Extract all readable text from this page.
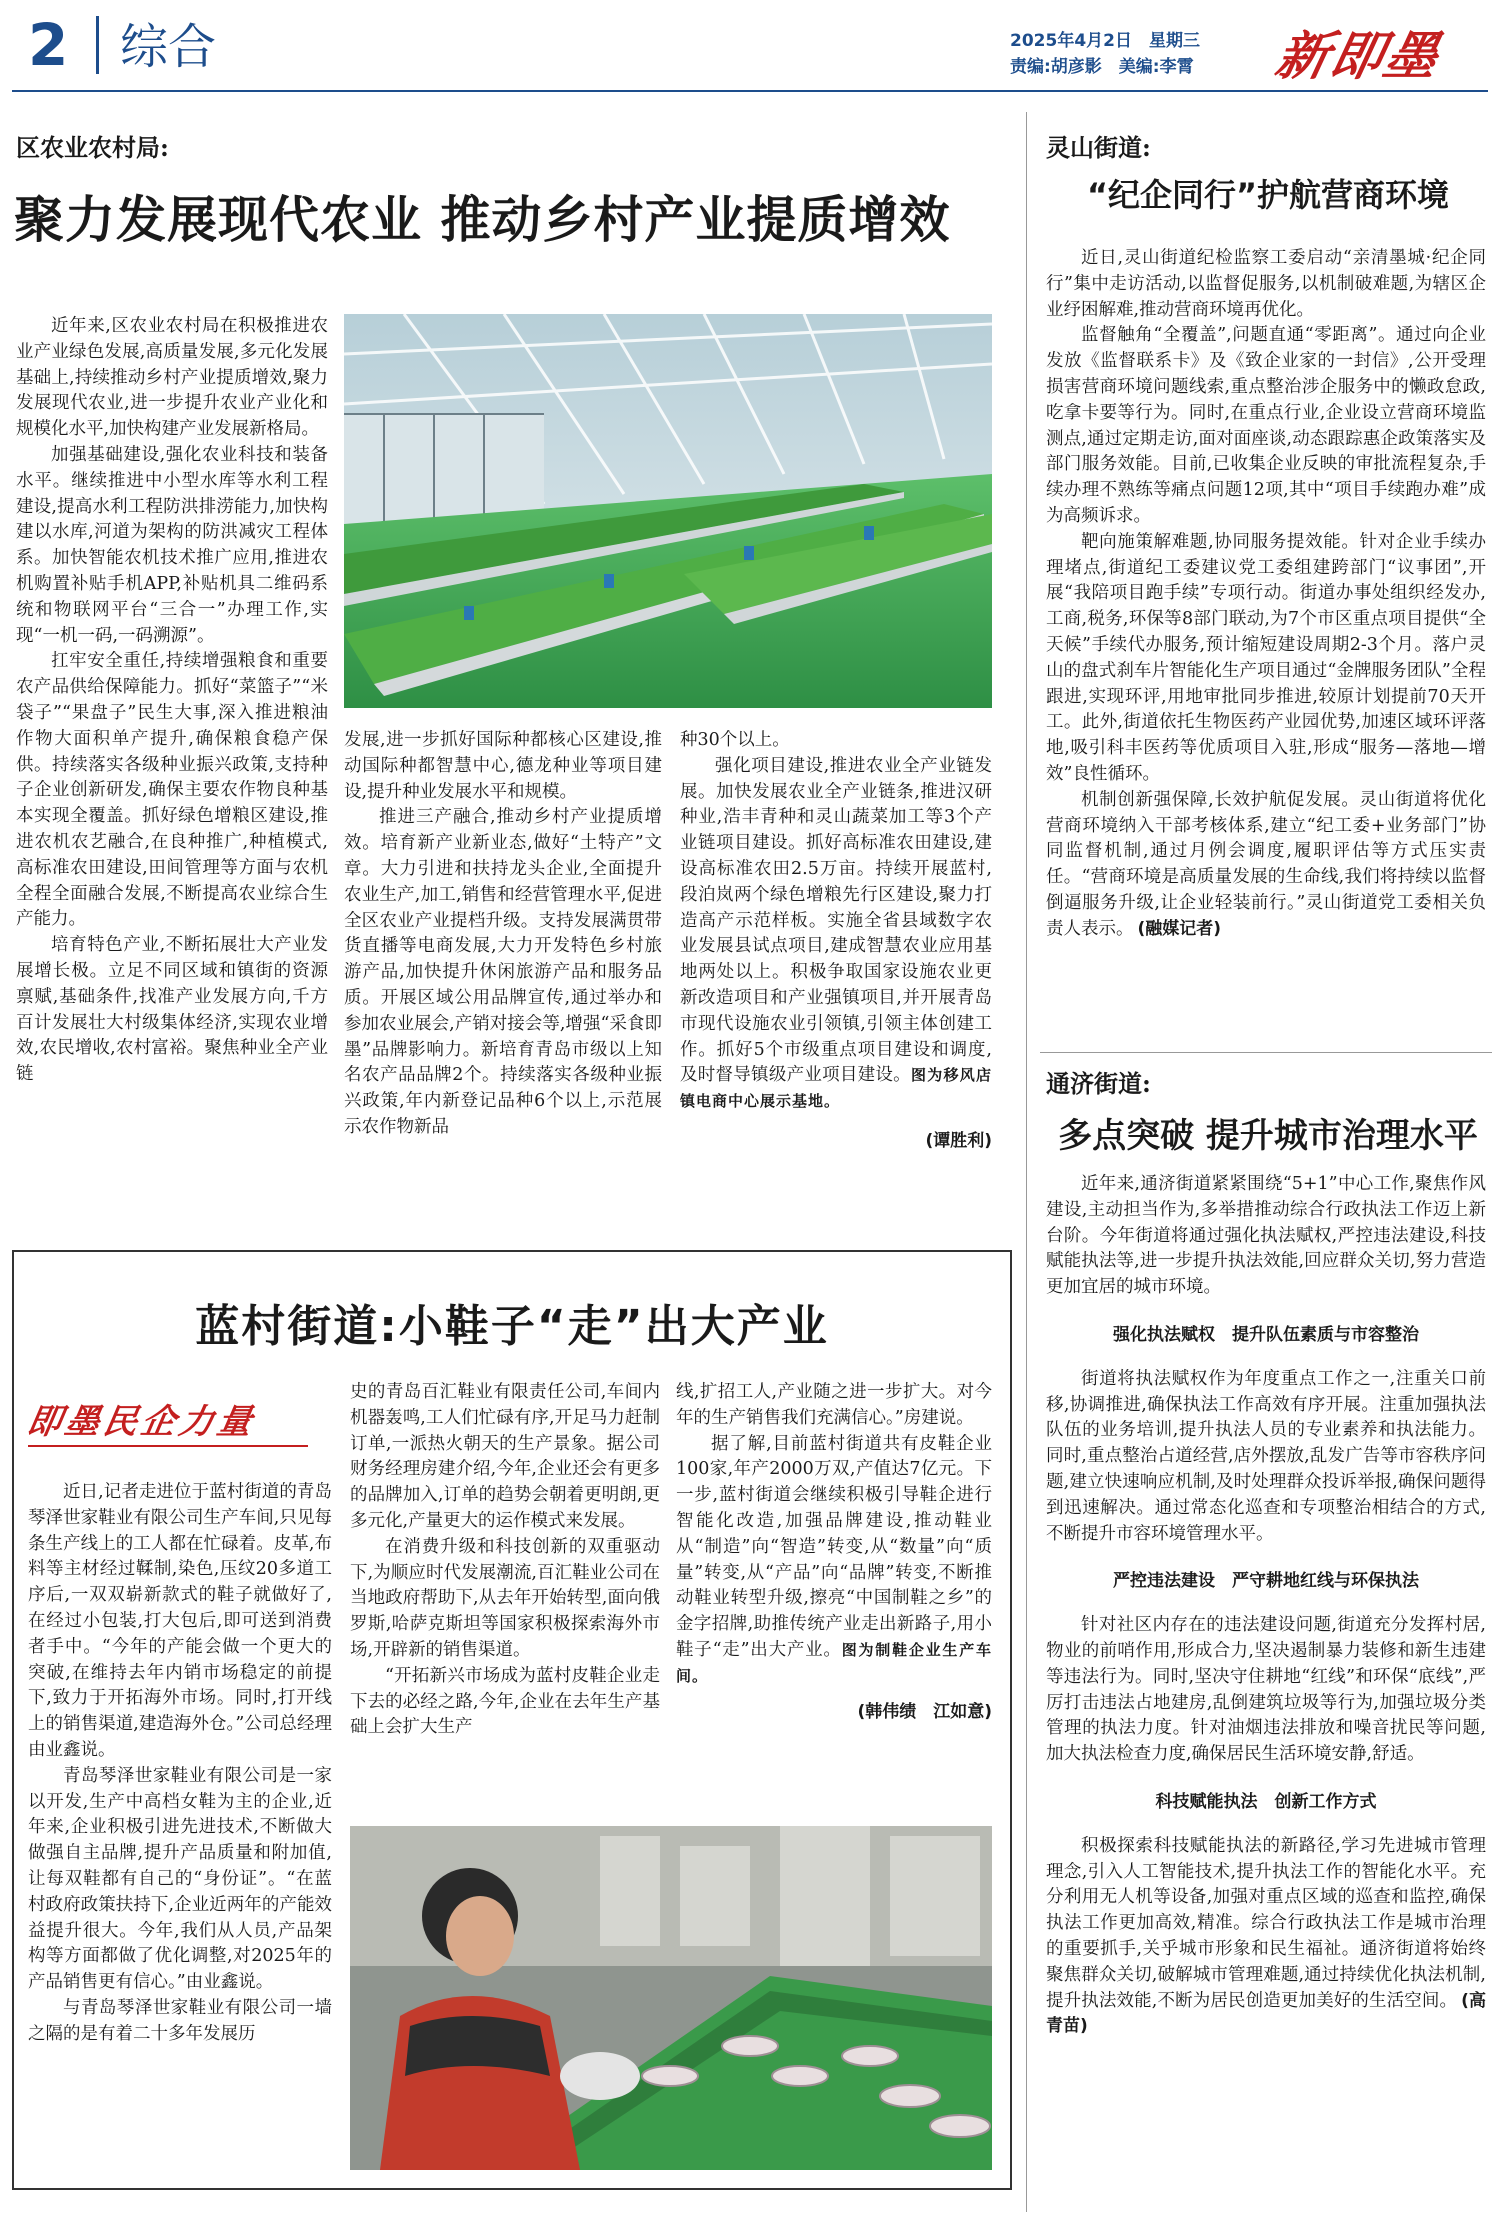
2 综合	2025年4月2日　星期三
责编:胡彦影　美编:李霄 新即墨
区农业农村局:
聚力发展现代农业 推动乡村产业提质增效

近年来,区农业农村局在积极推进农业产业绿色发展,高质量发展,多元化发展基础上,持续推动乡村产业提质增效,聚力发展现代农业,进一步提升农业产业化和规模化水平,加快构建产业发展新格局。

加强基础建设,强化农业科技和装备水平。继续推进中小型水库等水利工程建设,提高水利工程防洪排涝能力,加快构建以水库,河道为架构的防洪减灾工程体系。加快智能农机技术推广应用,推进农机购置补贴手机APP,补贴机具二维码系统和物联网平台“三合一”办理工作,实现“一机一码,一码溯源”。

扛牢安全重任,持续增强粮食和重要农产品供给保障能力。抓好“菜篮子”“米袋子”“果盘子”民生大事,深入推进粮油作物大面积单产提升,确保粮食稳产保供。持续落实各级种业振兴政策,支持种子企业创新研发,确保主要农作物良种基本实现全覆盖。抓好绿色增粮区建设,推进农机农艺融合,在良种推广,种植模式,高标准农田建设,田间管理等方面与农机全程全面融合发展,不断提高农业综合生产能力。

培育特色产业,不断拓展壮大产业发展增长极。立足不同区域和镇街的资源禀赋,基础条件,找准产业发展方向,千方百计发展壮大村级集体经济,实现农业增效,农民增收,农村富裕。聚焦种业全产业链

发展,进一步抓好国际种都核心区建设,推动国际种都智慧中心,德龙种业等项目建设,提升种业发展水平和规模。

推进三产融合,推动乡村产业提质增效。培育新产业新业态,做好“土特产”文章。大力引进和扶持龙头企业,全面提升农业生产,加工,销售和经营管理水平,促进全区农业产业提档升级。支持发展满贯带货直播等电商发展,大力开发特色乡村旅游产品,加快提升休闲旅游产品和服务品质。开展区域公用品牌宣传,通过举办和参加农业展会,产销对接会等,增强“采食即墨”品牌影响力。新培育青岛市级以上知名农产品品牌2个。持续落实各级种业振兴政策,年内新登记品种6个以上,示范展示农作物新品

种30个以上。

强化项目建设,推进农业全产业链发展。加快发展农业全产业链条,推进汉研种业,浩丰青种和灵山蔬菜加工等3个产业链项目建设。抓好高标准农田建设,建设高标准农田2.5万亩。持续开展蓝村,段泊岚两个绿色增粮先行区建设,聚力打造高产示范样板。实施全省县域数字农业发展县试点项目,建成智慧农业应用基地两处以上。积极争取国家设施农业更新改造项目和产业强镇项目,并开展青岛市现代设施农业引领镇,引领主体创建工作。抓好5个市级重点项目建设和调度,及时督导镇级产业项目建设。图为移风店镇电商中心展示基地。

(谭胜利)
蓝村街道:小鞋子“走”出大产业
即墨民企力量

近日,记者走进位于蓝村街道的青岛琴泽世家鞋业有限公司生产车间,只见每条生产线上的工人都在忙碌着。皮革,布料等主材经过鞣制,染色,压纹20多道工序后,一双双崭新款式的鞋子就做好了,在经过小包装,打大包后,即可送到消费者手中。“今年的产能会做一个更大的突破,在维持去年内销市场稳定的前提下,致力于开拓海外市场。同时,打开线上的销售渠道,建造海外仓。”公司总经理由业鑫说。

青岛琴泽世家鞋业有限公司是一家以开发,生产中高档女鞋为主的企业,近年来,企业积极引进先进技术,不断做大做强自主品牌,提升产品质量和附加值,让每双鞋都有自己的“身份证”。“在蓝村政府政策扶持下,企业近两年的产能效益提升很大。今年,我们从人员,产品架构等方面都做了优化调整,对2025年的产品销售更有信心。”由业鑫说。

与青岛琴泽世家鞋业有限公司一墙之隔的是有着二十多年发展历

史的青岛百汇鞋业有限责任公司,车间内机器轰鸣,工人们忙碌有序,开足马力赶制订单,一派热火朝天的生产景象。据公司财务经理房建介绍,今年,企业还会有更多的品牌加入,订单的趋势会朝着更明朗,更多元化,产量更大的运作模式来发展。

在消费升级和科技创新的双重驱动下,为顺应时代发展潮流,百汇鞋业公司在当地政府帮助下,从去年开始转型,面向俄罗斯,哈萨克斯坦等国家积极探索海外市场,开辟新的销售渠道。

“开拓新兴市场成为蓝村皮鞋企业走下去的必经之路,今年,企业在去年生产基础上会扩大生产

线,扩招工人,产业随之进一步扩大。对今年的生产销售我们充满信心。”房建说。

据了解,目前蓝村街道共有皮鞋企业100家,年产2000万双,产值达7亿元。下一步,蓝村街道会继续积极引导鞋企进行智能化改造,加强品牌建设,推动鞋业从“制造”向“智造”转变,从“数量”向“质量”转变,从“产品”向“品牌”转变,不断推动鞋业转型升级,擦亮“中国制鞋之乡”的金字招牌,助推传统产业走出新路子,用小鞋子“走”出大产业。图为制鞋企业生产车间。

(韩伟绩　江如意)
灵山街道:
“纪企同行”护航营商环境

近日,灵山街道纪检监察工委启动“亲清墨城·纪企同行”集中走访活动,以监督促服务,以机制破难题,为辖区企业纾困解难,推动营商环境再优化。

监督触角“全覆盖”,问题直通“零距离”。通过向企业发放《监督联系卡》及《致企业家的一封信》,公开受理损害营商环境问题线索,重点整治涉企服务中的懒政怠政,吃拿卡要等行为。同时,在重点行业,企业设立营商环境监测点,通过定期走访,面对面座谈,动态跟踪惠企政策落实及部门服务效能。目前,已收集企业反映的审批流程复杂,手续办理不熟练等痛点问题12项,其中“项目手续跑办难”成为高频诉求。

靶向施策解难题,协同服务提效能。针对企业手续办理堵点,街道纪工委建议党工委组建跨部门“议事团”,开展“我陪项目跑手续”专项行动。街道办事处组织经发办,工商,税务,环保等8部门联动,为7个市区重点项目提供“全天候”手续代办服务,预计缩短建设周期2-3个月。落户灵山的盘式刹车片智能化生产项目通过“金牌服务团队”全程跟进,实现环评,用地审批同步推进,较原计划提前70天开工。此外,街道依托生物医药产业园优势,加速区域环评落地,吸引科丰医药等优质项目入驻,形成“服务—落地—增效”良性循环。

机制创新强保障,长效护航促发展。灵山街道将优化营商环境纳入干部考核体系,建立“纪工委+业务部门”协同监督机制,通过月例会调度,履职评估等方式压实责任。“营商环境是高质量发展的生命线,我们将持续以监督倒逼服务升级,让企业轻装前行。”灵山街道党工委相关负责人表示。 (融媒记者)

通济街道:
多点突破 提升城市治理水平

近年来,通济街道紧紧围绕“5+1”中心工作,聚焦作风建设,主动担当作为,多举措推动综合行政执法工作迈上新台阶。今年街道将通过强化执法赋权,严控违法建设,科技赋能执法等,进一步提升执法效能,回应群众关切,努力营造更加宜居的城市环境。

强化执法赋权　提升队伍素质与市容整治

街道将执法赋权作为年度重点工作之一,注重关口前移,协调推进,确保执法工作高效有序开展。注重加强执法队伍的业务培训,提升执法人员的专业素养和执法能力。同时,重点整治占道经营,店外摆放,乱发广告等市容秩序问题,建立快速响应机制,及时处理群众投诉举报,确保问题得到迅速解决。通过常态化巡查和专项整治相结合的方式,不断提升市容环境管理水平。

严控违法建设　严守耕地红线与环保执法

针对社区内存在的违法建设问题,街道充分发挥村居,物业的前哨作用,形成合力,坚决遏制暴力装修和新生违建等违法行为。同时,坚决守住耕地“红线”和环保“底线”,严厉打击违法占地建房,乱倒建筑垃圾等行为,加强垃圾分类管理的执法力度。针对油烟违法排放和噪音扰民等问题,加大执法检查力度,确保居民生活环境安静,舒适。

科技赋能执法　创新工作方式

积极探索科技赋能执法的新路径,学习先进城市管理理念,引入人工智能技术,提升执法工作的智能化水平。充分利用无人机等设备,加强对重点区域的巡查和监控,确保执法工作更加高效,精准。综合行政执法工作是城市治理的重要抓手,关乎城市形象和民生福祉。通济街道将始终聚焦群众关切,破解城市管理难题,通过持续优化执法机制,提升执法效能,不断为居民创造更加美好的生活空间。 (高青苗)
